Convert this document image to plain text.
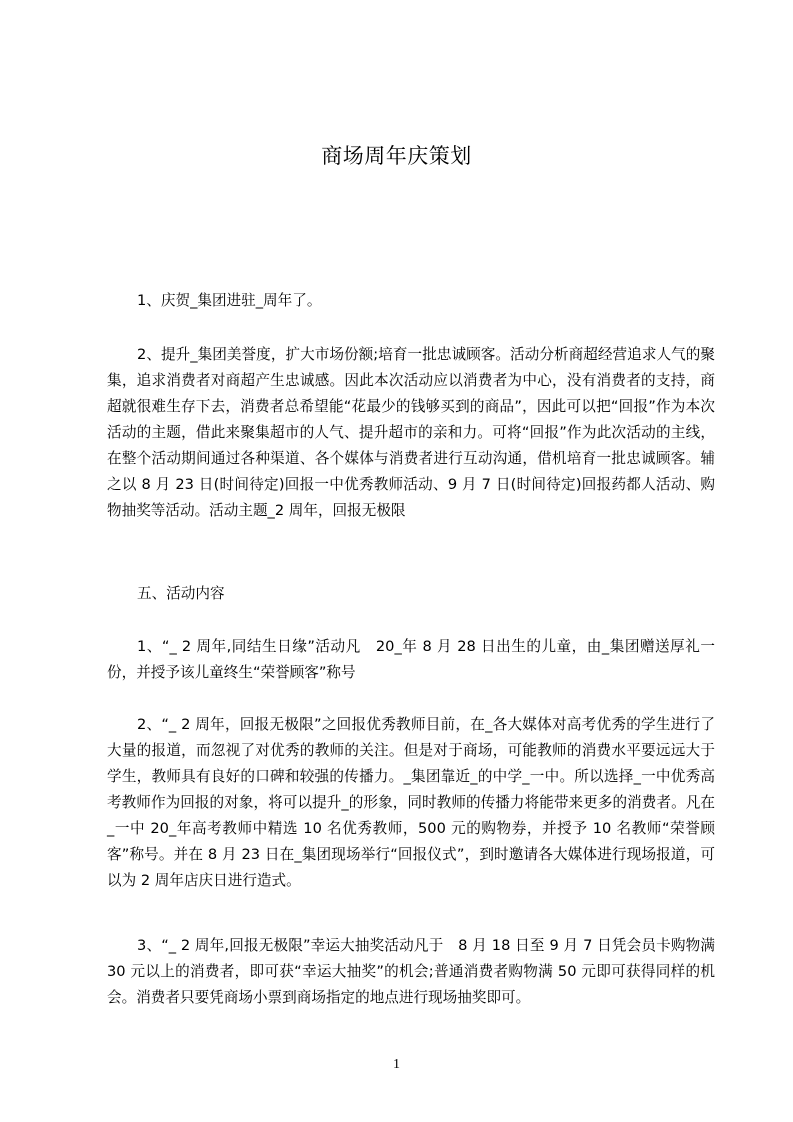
商场周年庆策划

1、庆贺_集团进驻_周年了。

2、提升_集团美誉度，扩大市场份额;培育一批忠诚顾客。活动分析商超经营追求人气的聚集，追求消费者对商超产生忠诚感。因此本次活动应以消费者为中心，没有消费者的支持，商超就很难生存下去，消费者总希望能“花最少的钱够买到的商品”，因此可以把“回报”作为本次活动的主题，借此来聚集超市的人气、提升超市的亲和力。可将“回报”作为此次活动的主线，在整个活动期间通过各种渠道、各个媒体与消费者进行互动沟通，借机培育一批忠诚顾客。辅之以 8 月 23 日(时间待定)回报一中优秀教师活动、9 月 7 日(时间待定)回报药都人活动、购物抽奖等活动。活动主题_2 周年，回报无极限

五、活动内容

1、“_ 2 周年,同结生日缘”活动凡　20_年 8 月 28 日出生的儿童，由_集团赠送厚礼一份，并授予该儿童终生“荣誉顾客”称号

2、“_ 2 周年，回报无极限”之回报优秀教师目前，在_各大媒体对高考优秀的学生进行了大量的报道，而忽视了对优秀的教师的关注。但是对于商场，可能教师的消费水平要远远大于学生，教师具有良好的口碑和较强的传播力。_集团靠近_的中学_一中。所以选择_一中优秀高考教师作为回报的对象，将可以提升_的形象，同时教师的传播力将能带来更多的消费者。凡在_一中 20_年高考教师中精选 10 名优秀教师，500 元的购物券，并授予 10 名教师“荣誉顾客”称号。并在 8 月 23 日在_集团现场举行“回报仪式”，到时邀请各大媒体进行现场报道，可以为 2 周年店庆日进行造式。

3、“_ 2 周年,回报无极限”幸运大抽奖活动凡于　8 月 18 日至 9 月 7 日凭会员卡购物满 30 元以上的消费者，即可获“幸运大抽奖”的机会;普通消费者购物满 50 元即可获得同样的机会。消费者只要凭商场小票到商场指定的地点进行现场抽奖即可。

1
